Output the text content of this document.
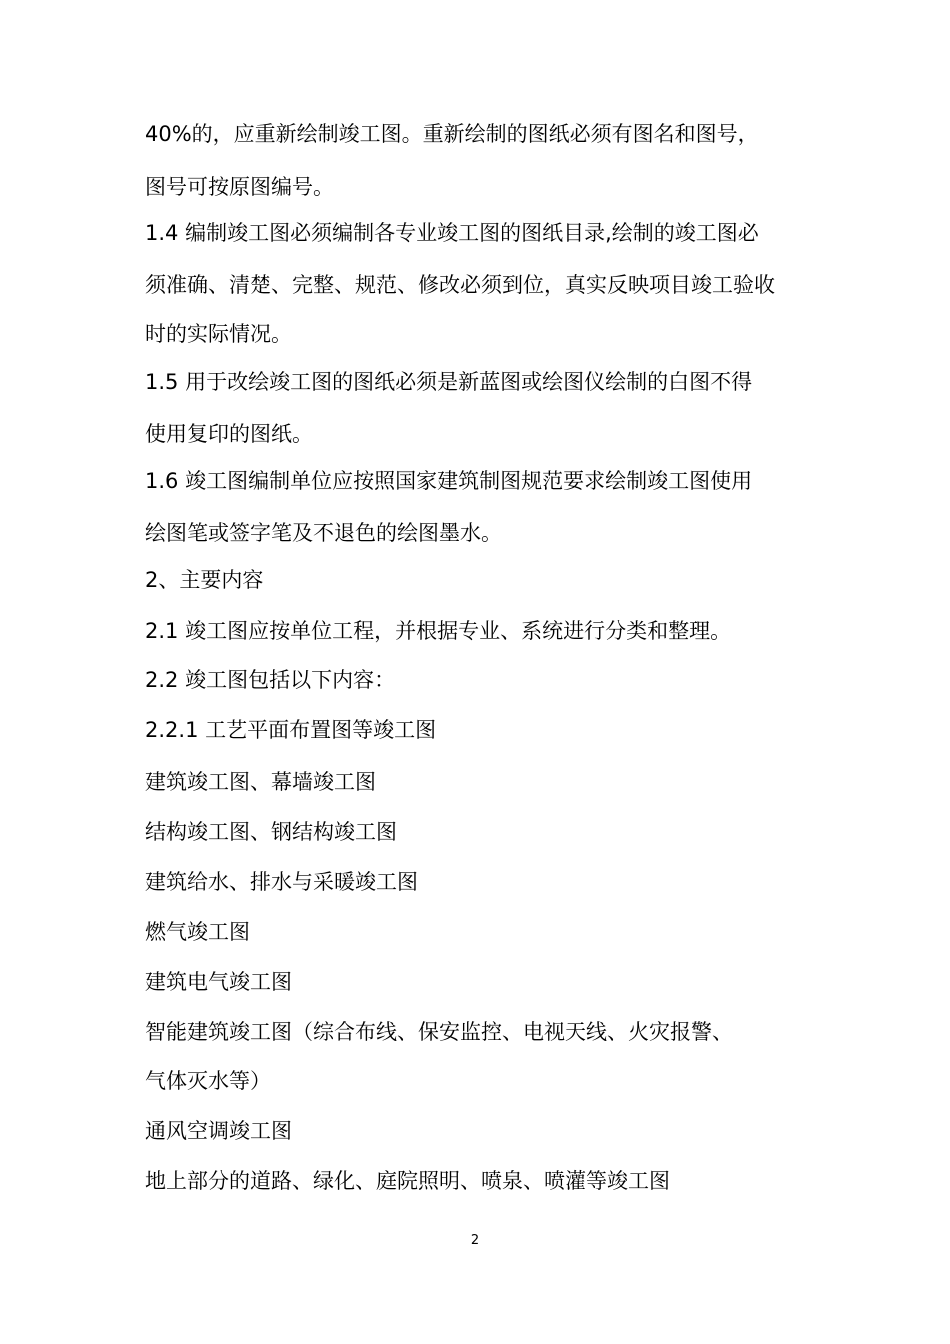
40%的，应重新绘制竣工图。重新绘制的图纸必须有图名和图号，
图号可按原图编号。
1.4 编制竣工图必须编制各专业竣工图的图纸目录,绘制的竣工图必
须准确、清楚、完整、规范、修改必须到位，真实反映项目竣工验收
时的实际情况。
1.5 用于改绘竣工图的图纸必须是新蓝图或绘图仪绘制的白图不得
使用复印的图纸。
1.6 竣工图编制单位应按照国家建筑制图规范要求绘制竣工图使用
绘图笔或签字笔及不退色的绘图墨水。
2、主要内容
2.1 竣工图应按单位工程，并根据专业、系统进行分类和整理。
2.2 竣工图包括以下内容：
2.2.1 工艺平面布置图等竣工图
建筑竣工图、幕墙竣工图
结构竣工图、钢结构竣工图
建筑给水、排水与采暖竣工图
燃气竣工图
建筑电气竣工图
智能建筑竣工图（综合布线、保安监控、电视天线、火灾报警、
气体灭水等）
通风空调竣工图
地上部分的道路、绿化、庭院照明、喷泉、喷灌等竣工图
2
